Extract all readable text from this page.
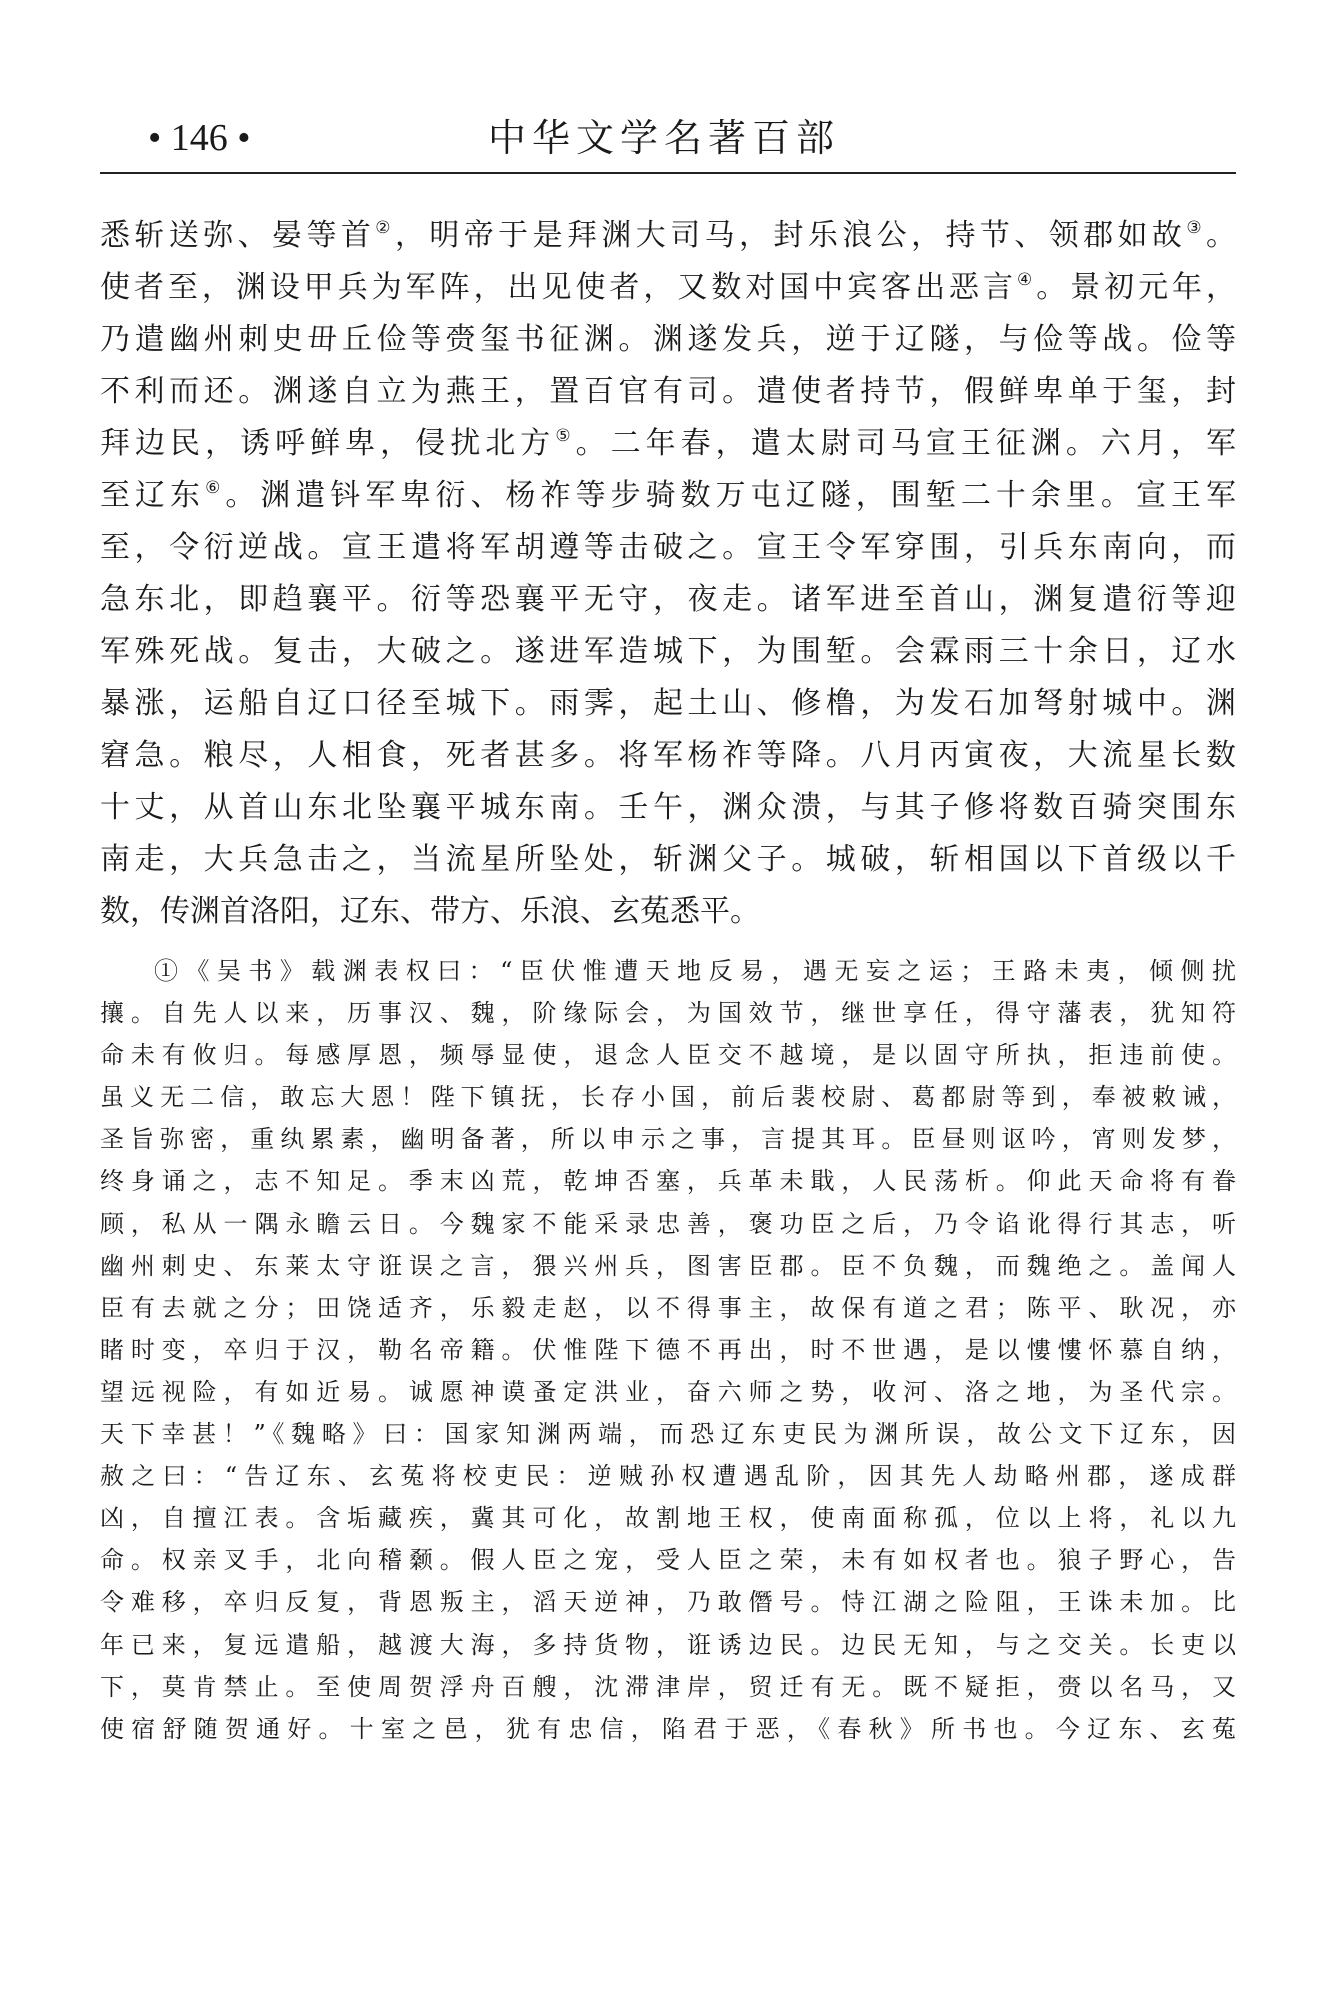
• 146 •	中华文学名著百部
悉斩送弥、晏等首②，明帝于是拜渊大司马，封乐浪公，持节、领郡如故③。
使者至，渊设甲兵为军阵，出见使者，又数对国中宾客出恶言④。景初元年，
乃遣幽州刺史毌丘俭等赍玺书征渊。渊遂发兵，逆于辽隧，与俭等战。俭等
不利而还。渊遂自立为燕王，置百官有司。遣使者持节，假鲜卑单于玺，封
拜边民，诱呼鲜卑，侵扰北方⑤。二年春，遣太尉司马宣王征渊。六月，军
至辽东⑥。渊遣钭军卑衍、杨祚等步骑数万屯辽隧，围堑二十余里。宣王军
至，令衍逆战。宣王遣将军胡遵等击破之。宣王令军穿围，引兵东南向，而
急东北，即趋襄平。衍等恐襄平无守，夜走。诸军进至首山，渊复遣衍等迎
军殊死战。复击，大破之。遂进军造城下，为围堑。会霖雨三十余日，辽水
暴涨，运船自辽口径至城下。雨霁，起土山、修橹，为发石加弩射城中。渊
窘急。粮尽，人相食，死者甚多。将军杨祚等降。八月丙寅夜，大流星长数
十丈，从首山东北坠襄平城东南。壬午，渊众溃，与其子修将数百骑突围东
南走，大兵急击之，当流星所坠处，斩渊父子。城破，斩相国以下首级以千
数，传渊首洛阳，辽东、带方、乐浪、玄菟悉平。
①《吴书》载渊表权曰：“臣伏惟遭天地反易，遇无妄之运；王路未夷，倾侧扰
攘。自先人以来，历事汉、魏，阶缘际会，为国效节，继世享任，得守藩表，犹知符
命未有攸归。每感厚恩，频辱显使，退念人臣交不越境，是以固守所执，拒违前使。
虽义无二信，敢忘大恩！陛下镇抚，长存小国，前后裴校尉、葛都尉等到，奉被敕诫，
圣旨弥密，重纨累素，幽明备著，所以申示之事，言提其耳。臣昼则讴吟，宵则发梦，
终身诵之，志不知足。季末凶荒，乾坤否塞，兵革未戢，人民荡析。仰此天命将有眷
顾，私从一隅永瞻云日。今魏家不能采录忠善，褒功臣之后，乃令谄讹得行其志，听
幽州刺史、东莱太守诳误之言，猥兴州兵，图害臣郡。臣不负魏，而魏绝之。盖闻人
臣有去就之分；田饶适齐，乐毅走赵，以不得事主，故保有道之君；陈平、耿况，亦
睹时变，卒归于汉，勒名帝籍。伏惟陛下德不再出，时不世遇，是以慺慺怀慕自纳，
望远视险，有如近易。诚愿神谟蚤定洪业，奋六师之势，收河、洛之地，为圣代宗。
天下幸甚！”《魏略》曰：国家知渊两端，而恐辽东吏民为渊所误，故公文下辽东，因
赦之曰：“告辽东、玄菟将校吏民：逆贼孙权遭遇乱阶，因其先人劫略州郡，遂成群
凶，自擅江表。含垢藏疾，冀其可化，故割地王权，使南面称孤，位以上将，礼以九
命。权亲叉手，北向稽颡。假人臣之宠，受人臣之荣，未有如权者也。狼子野心，告
令难移，卒归反复，背恩叛主，滔天逆神，乃敢僭号。恃江湖之险阻，王诛未加。比
年已来，复远遣船，越渡大海，多持货物，诳诱边民。边民无知，与之交关。长吏以
下，莫肯禁止。至使周贺浮舟百艘，沈滞津岸，贸迁有无。既不疑拒，赍以名马，又
使宿舒随贺通好。十室之邑，犹有忠信，陷君于恶，《春秋》所书也。今辽东、玄菟
